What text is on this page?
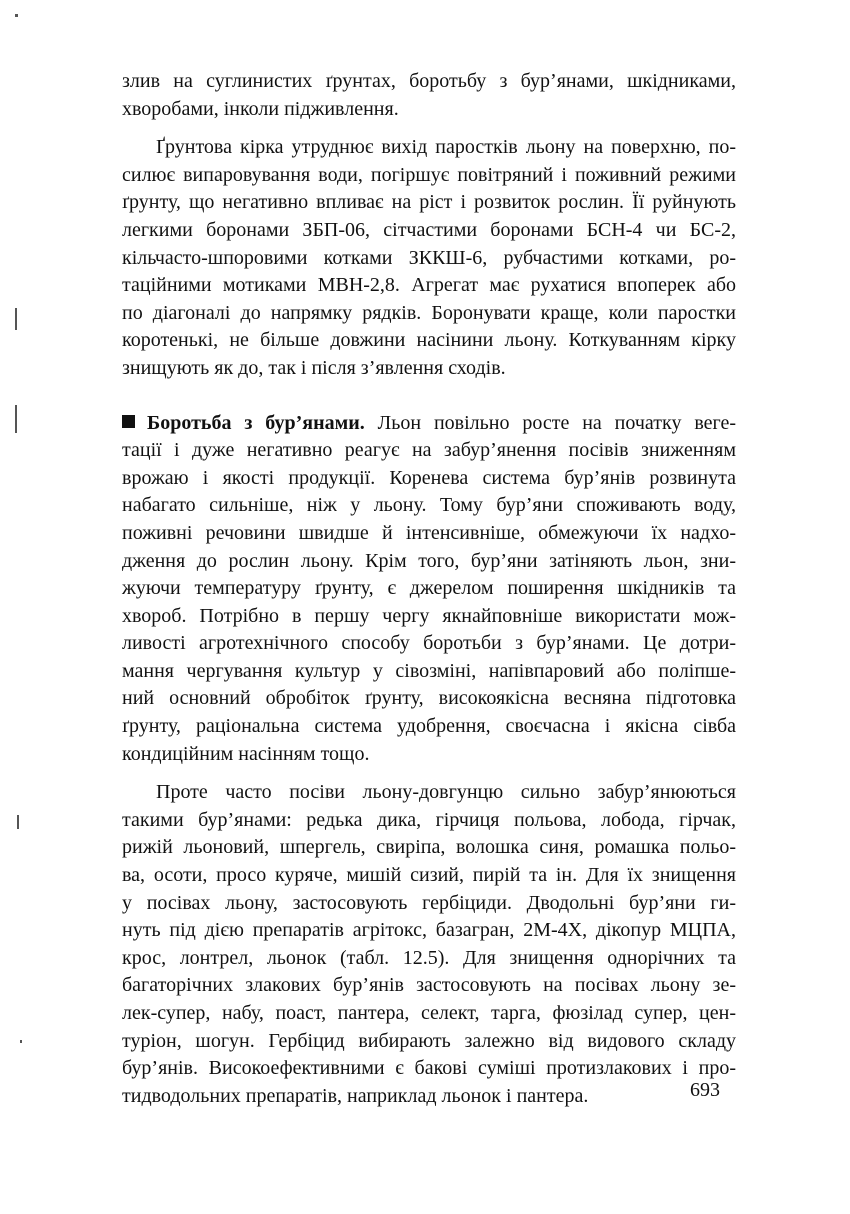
злив на суглинистих ґрунтах, боротьбу з бур’янами, шкідниками,
хворобами, інколи підживлення.
Ґрунтова кірка утруднює вихід паростків льону на поверхню, по-
силює випаровування води, погіршує повітряний і поживний режими
ґрунту, що негативно впливає на ріст і розвиток рослин. Її руйнують
легкими боронами ЗБП-06, сітчастими боронами БСН-4 чи БС-2,
кільчасто-шпоровими котками ЗККШ-6, рубчастими котками, ро-
таційними мотиками МВН-2,8. Агрегат має рухатися впоперек або
по діагоналі до напрямку рядків. Боронувати краще, коли паростки
коротенькі, не більше довжини насінини льону. Коткуванням кірку
знищують як до, так і після з’явлення сходів.
Боротьба з бур’янами. Льон повільно росте на початку веге-
тації і дуже негативно реагує на забур’янення посівів зниженням
врожаю і якості продукції. Коренева система бур’янів розвинута
набагато сильніше, ніж у льону. Тому бур’яни споживають воду,
поживні речовини швидше й інтенсивніше, обмежуючи їх надхо-
дження до рослин льону. Крім того, бур’яни затіняють льон, зни-
жуючи температуру ґрунту, є джерелом поширення шкідників та
хвороб. Потрібно в першу чергу якнайповніше використати мож-
ливості агротехнічного способу боротьби з бур’янами. Це дотри-
мання чергування культур у сівозміні, напівпаровий або поліпше-
ний основний обробіток ґрунту, високоякісна весняна підготовка
ґрунту, раціональна система удобрення, своєчасна і якісна сівба
кондиційним насінням тощо.
Проте часто посіви льону-довгунцю сильно забур’янюються
такими бур’янами: редька дика, гірчиця польова, лобода, гірчак,
рижій льоновий, шпергель, свиріпа, волошка синя, ромашка польо-
ва, осоти, просо куряче, мишій сизий, пирій та ін. Для їх знищення
у посівах льону, застосовують гербіциди. Дводольні бур’яни ги-
нуть під дією препаратів агрітокс, базагран, 2М-4Х, дікопур МЦПА,
крос, лонтрел, льонок (табл. 12.5). Для знищення однорічних та
багаторічних злакових бур’янів застосовують на посівах льону зе-
лек-супер, набу, поаст, пантера, селект, тарга, фюзілад супер, цен-
туріон, шогун. Гербіцид вибирають залежно від видового складу
бур’янів. Високоефективними є бакові суміші протизлакових і про-
тидводольних препаратів, наприклад льонок і пантера.	693
